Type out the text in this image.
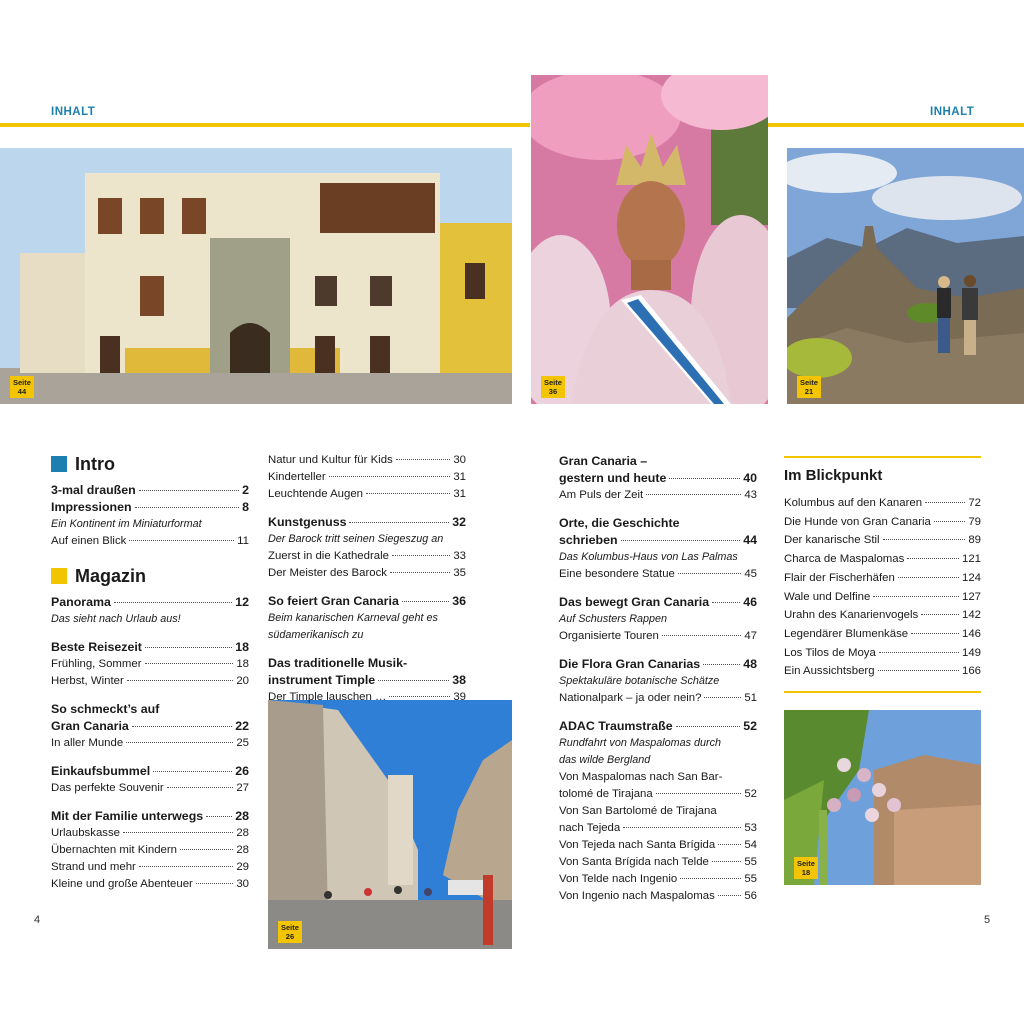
INHALT	INHALT
Seite
44
Seite
36
Seite
21
Seite
26
Seite
18
Intro
3-mal draußen	2
Impressionen	8
Ein Kontinent im Miniaturformat
Auf einen Blick	11
Magazin
Panorama	12
Das sieht nach Urlaub aus!
Beste Reisezeit	18
Frühling, Sommer	18
Herbst, Winter	20
So schmeckt’s auf
Gran Canaria	22
In aller Munde	25
Einkaufsbummel	26
Das perfekte Souvenir	27
Mit der Familie unterwegs	28
Urlaubskasse	28
Übernachten mit Kindern	28
Strand und mehr	29
Kleine und große Abenteuer	30
Natur und Kultur für Kids	30
Kinderteller	31
Leuchtende Augen	31
Kunstgenuss	32
Der Barock tritt seinen Siegeszug an
Zuerst in die Kathedrale	33
Der Meister des Barock	35
So feiert Gran Canaria	36
Beim kanarischen Karneval geht es
südamerikanisch zu
Das traditionelle Musik-
instrument Timple	38
Der Timple lauschen …	39
Gran Canaria –
gestern und heute	40
Am Puls der Zeit	43
Orte, die Geschichte
schrieben	44
Das Kolumbus-Haus von Las Palmas
Eine besondere Statue	45
Das bewegt Gran Canaria	46
Auf Schusters Rappen
Organisierte Touren	47
Die Flora Gran Canarias	48
Spektakuläre botanische Schätze
Nationalpark – ja oder nein?	51
ADAC Traumstraße	52
Rundfahrt von Maspalomas durch
das wilde Bergland
Von Maspalomas nach San Bar-
tolomé de Tirajana	52
Von San Bartolomé de Tirajana
nach Tejeda	53
Von Tejeda nach Santa Brígida	54
Von Santa Brígida nach Telde	55
Von Telde nach Ingenio	55
Von Ingenio nach Maspalomas	56
Im Blickpunkt
Kolumbus auf den Kanaren	72
Die Hunde von Gran Canaria	79
Der kanarische Stil	89
Charca de Maspalomas	121
Flair der Fischerhäfen	124
Wale und Delfine	127
Urahn des Kanarienvogels	142
Legendärer Blumenkäse	146
Los Tilos de Moya	149
Ein Aussichtsberg	166
4	5
